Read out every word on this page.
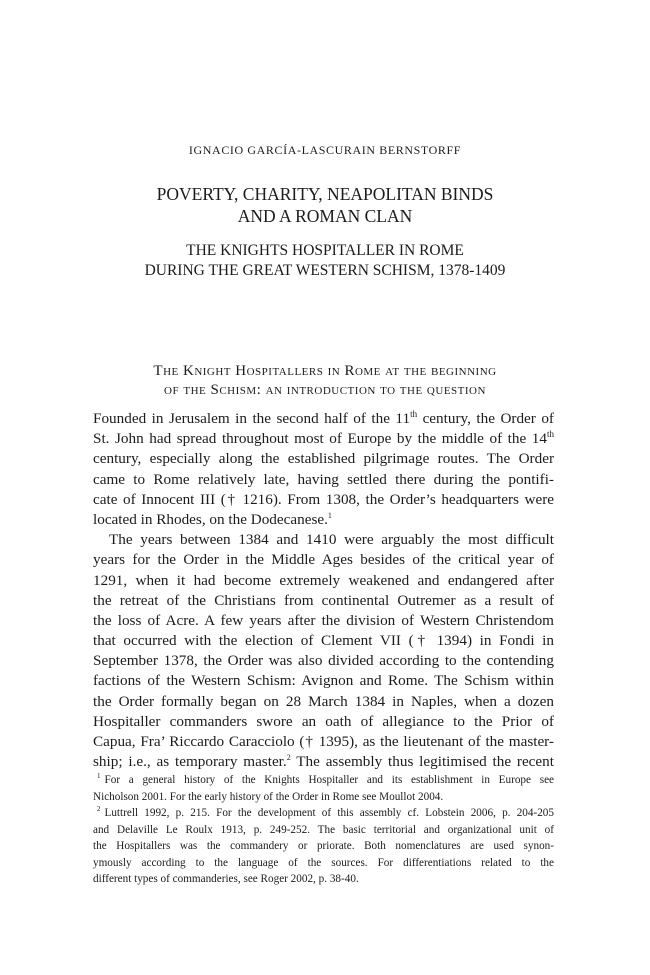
IGNACIO GARCÍA-LASCURAIN BERNSTORFF
POVERTY, CHARITY, NEAPOLITAN BINDS
AND A ROMAN CLAN
THE KNIGHTS HOSPITALLER IN ROME
DURING THE GREAT WESTERN SCHISM, 1378-1409
The Knight Hospitallers in Rome at the beginning
of the Schism: an introduction to the question
Founded in Jerusalem in the second half of the 11th century, the Order of
St. John had spread throughout most of Europe by the middle of the 14th
century, especially along the established pilgrimage routes. The Order
came to Rome relatively late, having settled there during the pontifi-
cate of Innocent III († 1216). From 1308, the Order’s headquarters were
located in Rhodes, on the Dodecanese.$^1$
The years between 1384 and 1410 were arguably the most difficult
years for the Order in the Middle Ages besides of the critical year of
1291, when it had become extremely weakened and endangered after
the retreat of the Christians from continental Outremer as a result of
the loss of Acre. A few years after the division of Western Christendom
that occurred with the election of Clement VII († 1394) in Fondi in
September 1378, the Order was also divided according to the contending
factions of the Western Schism: Avignon and Rome. The Schism within
the Order formally began on 28 March 1384 in Naples, when a dozen
Hospitaller commanders swore an oath of allegiance to the Prior of
Capua, Fra’ Riccardo Caracciolo († 1395), as the lieutenant of the master-
ship; i.e., as temporary master.$^2$ The assembly thus legitimised the recent
$^1$ For a general history of the Knights Hospitaller and its establishment in Europe see
Nicholson 2001. For the early history of the Order in Rome see Moullot 2004.
$^2$ Luttrell 1992, p. 215. For the development of this assembly cf. Lobstein 2006, p. 204-205
and Delaville Le Roulx 1913, p. 249-252. The basic territorial and organizational unit of
the Hospitallers was the commandery or priorate. Both nomenclatures are used synon-
ymously according to the language of the sources. For differentiations related to the
different types of commanderies, see Roger 2002, p. 38-40.
